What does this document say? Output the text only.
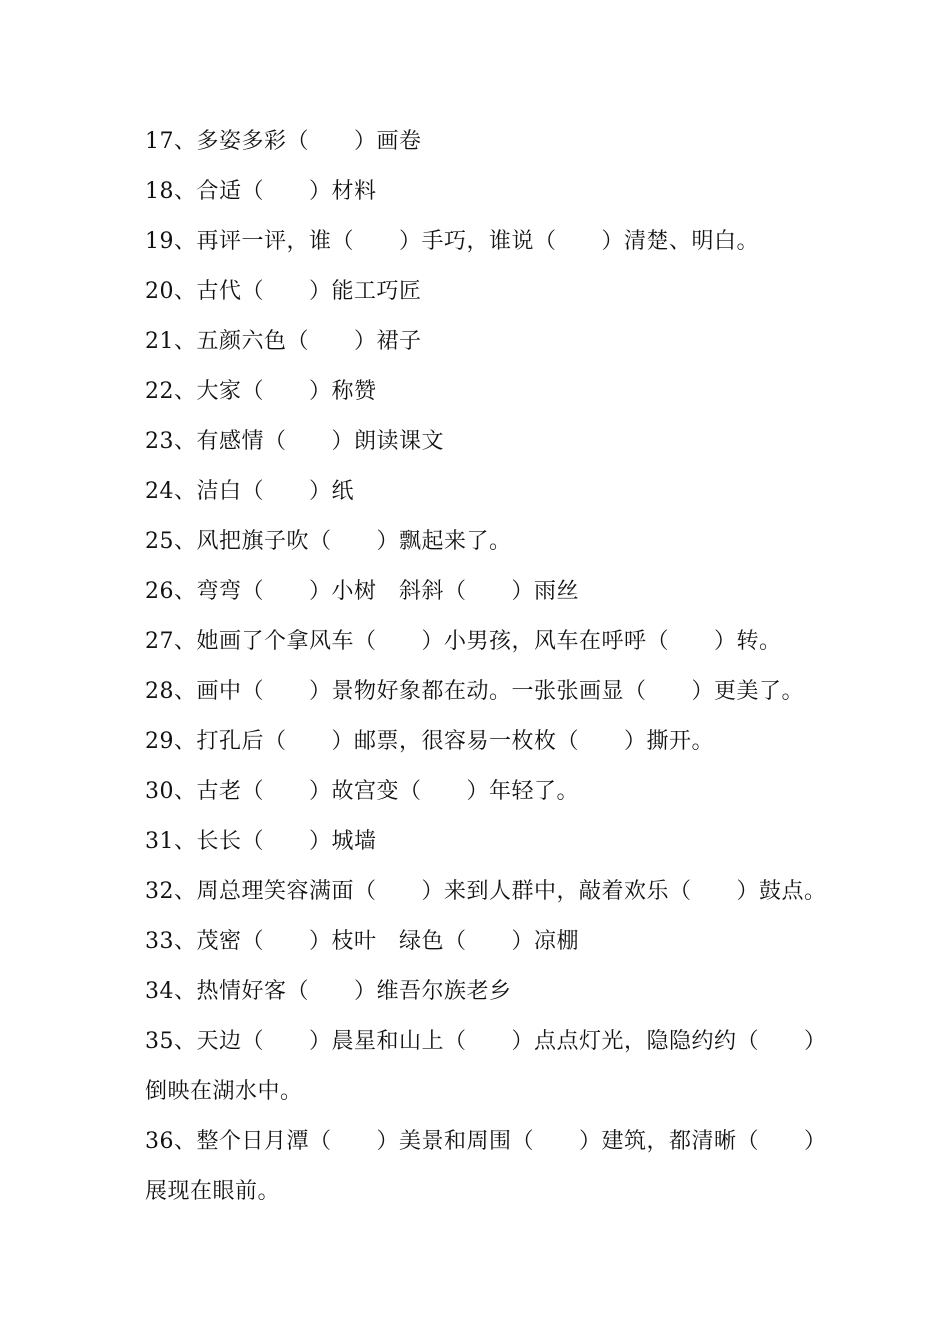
17、多姿多彩（　　）画卷
18、合适（　　）材料
19、再评一评，谁（　　）手巧，谁说（　　）清楚、明白。
20、古代（　　）能工巧匠
21、五颜六色（　　）裙子
22、大家（　　）称赞
23、有感情（　　）朗读课文
24、洁白（　　）纸
25、风把旗子吹（　　）飘起来了。
26、弯弯（　　）小树　斜斜（　　）雨丝
27、她画了个拿风车（　　）小男孩，风车在呼呼（　　）转。
28、画中（　　）景物好象都在动。一张张画显（　　）更美了。
29、打孔后（　　）邮票，很容易一枚枚（　　）撕开。
30、古老（　　）故宫变（　　）年轻了。
31、长长（　　）城墙
32、周总理笑容满面（　　）来到人群中，敲着欢乐（　　）鼓点。
33、茂密（　　）枝叶　绿色（　　）凉棚
34、热情好客（　　）维吾尔族老乡
35、天边（　　）晨星和山上（　　）点点灯光，隐隐约约（　　）
倒映在湖水中。
36、整个日月潭（　　）美景和周围（　　）建筑，都清晰（　　）
展现在眼前。
